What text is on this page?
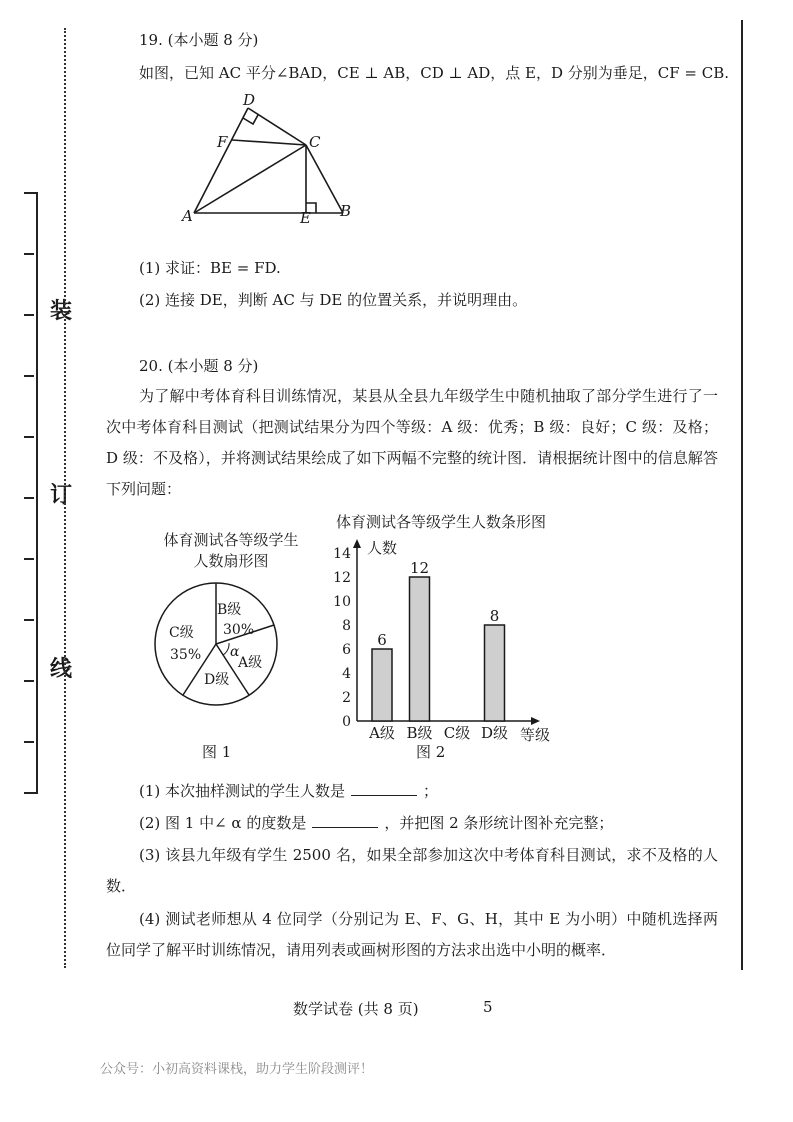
装
订
线
19. (本小题 8 分)
如图，已知 AC 平分∠BAD，CE ⊥ AB，CD ⊥ AD，点 E，D 分别为垂足，CF = CB.
A	B
C
D
E
F
(1) 求证：BE = FD.
(2) 连接 DE，判断 AC 与 DE 的位置关系，并说明理由。
20. (本小题 8 分)

为了解中考体育科目训练情况，某县从全县九年级学生中随机抽取了部分学生进行了一次中考体育科目测试（把测试结果分为四个等级：A 级：优秀；B 级：良好；C 级：及格；D 级：不及格），并将测试结果绘成了如下两幅不完整的统计图．请根据统计图中的信息解答下列问题：

体育测试各等级学生
人数扇形图
B级
30%
A级
D级
C级
35% α
图 1
体育测试各等级学生人数条形图
人数
等级
0
2
4
6
8
10
12
14
6
A级
12
B级 C级
8
D级
图 2
(1) 本次抽样测试的学生人数是	；
(2) 图 1 中∠ α 的度数是	，并把图 2 条形统计图补充完整；

(3) 该县九年级有学生 2500 名，如果全部参加这次中考体育科目测试，求不及格的人数．

(4) 测试老师想从 4 位同学（分别记为 E、F、G、H，其中 E 为小明）中随机选择两位同学了解平时训练情况，请用列表或画树形图的方法求出选中小明的概率．

数学试卷 (共 8 页)	5
公众号：小初高资料课栈，助力学生阶段测评！
